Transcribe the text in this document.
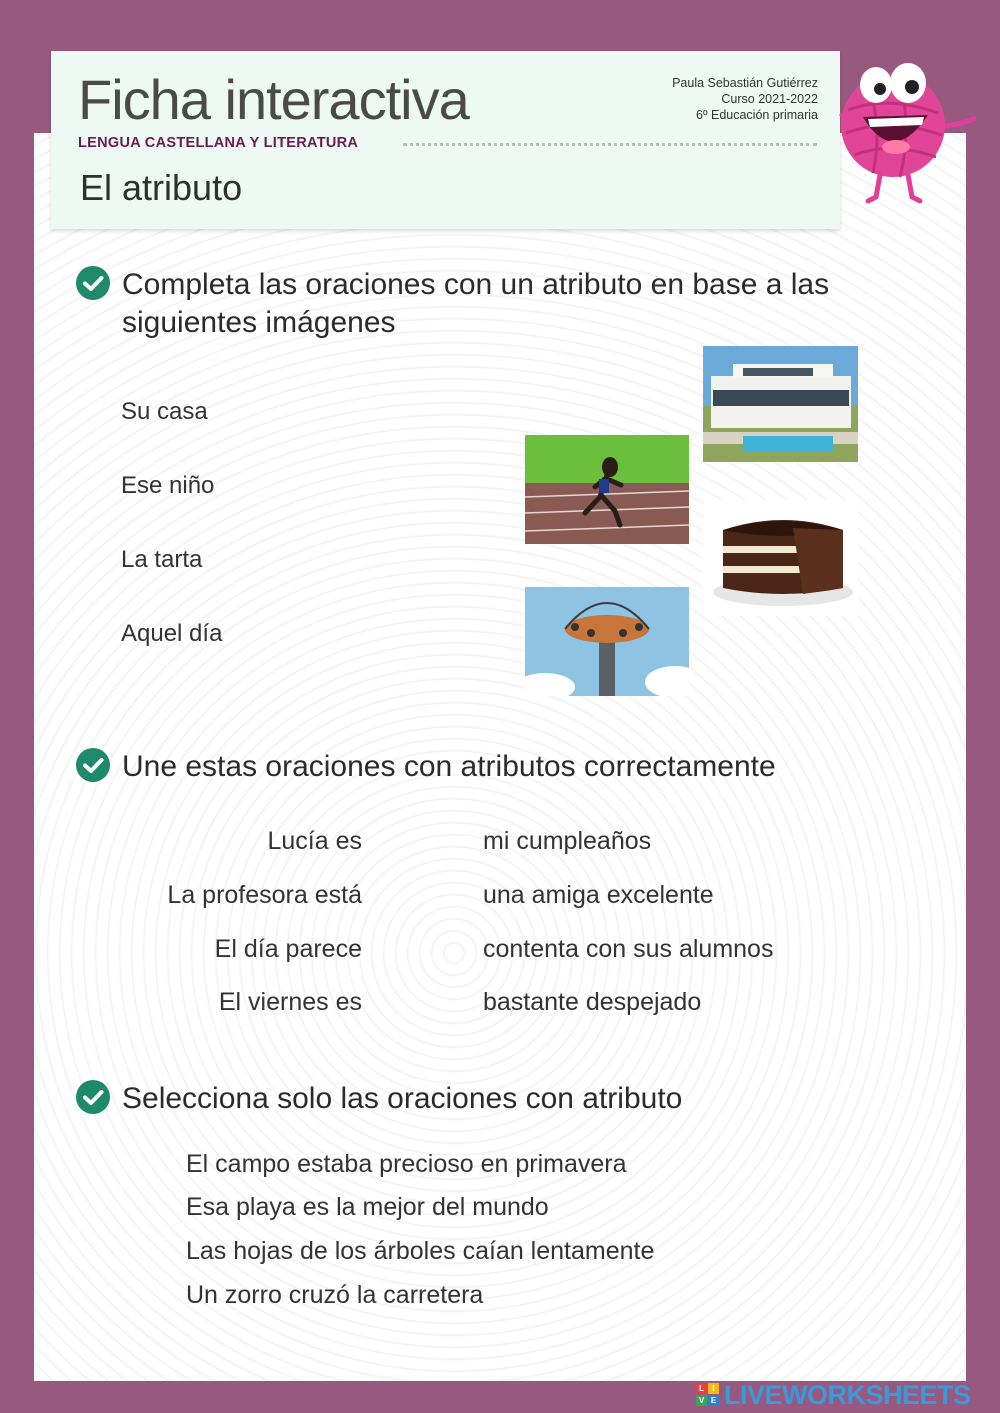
Ficha interactiva
LENGUA CASTELLANA Y LITERATURA
El atributo
Paula Sebastián Gutiérrez
Curso 2021-2022
6º Educación primaria
Completa las oraciones con un atributo en base a las siguientes imágenes
Su casa
Ese niño
La tarta
Aquel día
Une estas oraciones con atributos correctamente
Lucía es
La profesora está
El día parece
El viernes es
mi cumpleaños
una amiga excelente
contenta con sus alumnos
bastante despejado
Selecciona solo las oraciones con atributo
El campo estaba precioso en primavera
Esa playa es la mejor del mundo
Las hojas de los árboles caían lentamente
Un zorro cruzó la carretera
L	I
V E LIVEWORKSHEETS
